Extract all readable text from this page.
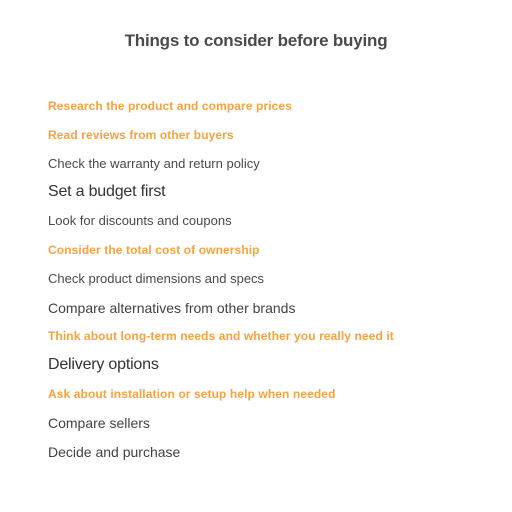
Things to consider before buying
Research the product and compare prices
Read reviews from other buyers
Check the warranty and return policy
Set a budget first
Look for discounts and coupons
Consider the total cost of ownership
Check product dimensions and specs
Compare alternatives from other brands
Think about long-term needs and whether you really need it
Delivery options
Ask about installation or setup help when needed
Compare sellers
Decide and purchase
